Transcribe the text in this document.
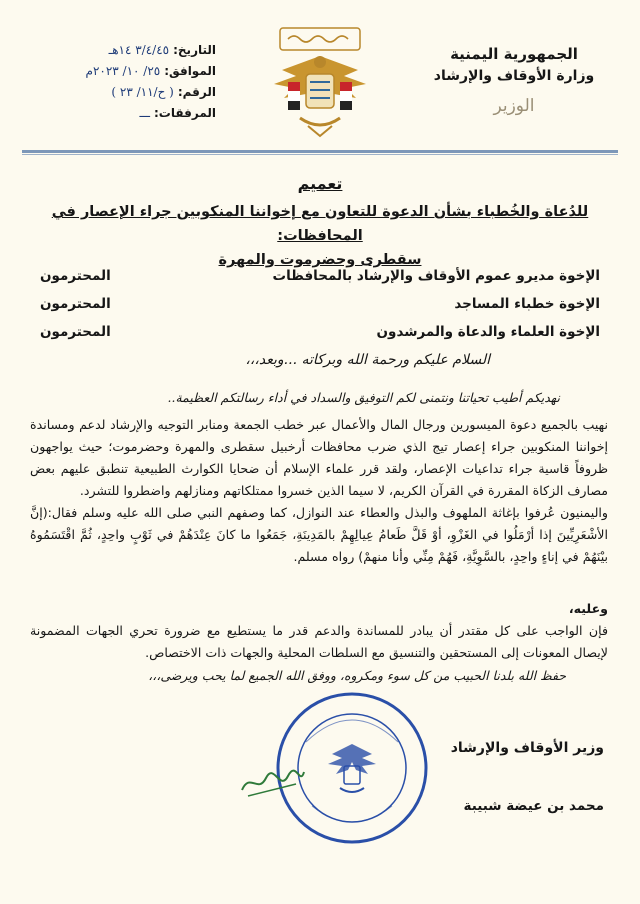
الجمهورية اليمنية
وزارة الأوقاف والإرشاد
الوزير
التاريخ:
٣/٤/٤٥ ١٤هـ
الموافق:
٢٥/ ١٠/ ٢٠٢٣م
الرقم:
( ح/١١/ ٢٣ )
المرفقات:
ـــ
تعميم
للدُعاة والخُطباء بشأن الدعوة للتعاون مع إخواننا المنكوبين جراء الإعصار في المحافظات:
سقطرى وحضرموت والمهرة
الإخوة مديرو عموم الأوقاف والإرشاد بالمحافظات
المحترمون
الإخوة خطباء المساجد
المحترمون
الإخوة العلماء والدعاة والمرشدون
المحترمون
السلام عليكم ورحمة الله وبركاته ...وبعد،،،
نهديكم أطيب تحياتنا ونتمنى لكم التوفيق والسداد في أداء رسالتكم العظيمة..
نهيب بالجميع دعوة الميسورين ورجال المال والأعمال عبر خطب الجمعة ومنابر التوجيه والإرشاد لدعم ومساندة إخواننا المنكوبين جراء إعصار تيج الذي ضرب محافظات أرخبيل سقطرى والمهرة وحضرموت؛ حيث يواجهون ظروفاً قاسية جراء تداعيات الإعصار، ولقد قرر علماء الإسلام أن ضحايا الكوارث الطبيعية تنطبق عليهم بعض مصارف الزكاة المقررة في القرآن الكريم، لا سيما الذين خسروا ممتلكاتهم ومنازلهم واضطروا للتشرد.
واليمنيون عُرفوا بإغاثة الملهوف والبذل والعطاء عند النوازل، كما وصفهم النبي صلى الله عليه وسلم فقال:(إنَّ الأشْعَرِيِّينَ إذا أرْمَلُوا في الغَزْوِ، أوْ قَلَّ طَعامُ عِيالِهِمْ بالمَدِينَةِ، جَمَعُوا ما كانَ عِنْدَهُمْ في ثَوْبٍ واحِدٍ، ثُمَّ اقْتَسَمُوهُ بيْنَهُمْ في إناءٍ واحِدٍ، بالسَّوِيَّةِ، فَهُمْ مِنِّي وأنا منهمْ) رواه مسلم.
وعليه،
فإن الواجب على كل مقتدر أن يبادر للمساندة والدعم قدر ما يستطيع مع ضرورة تحري الجهات المضمونة لإيصال المعونات إلى المستحقين والتنسيق مع السلطات المحلية والجهات ذات الاختصاص.
حفظ الله بلدنا الحبيب من كل سوء ومكروه، ووفق الله الجميع لما يحب ويرضى،،،
وزير الأوقاف والإرشاد
محمد بن عيضة شبيبة
